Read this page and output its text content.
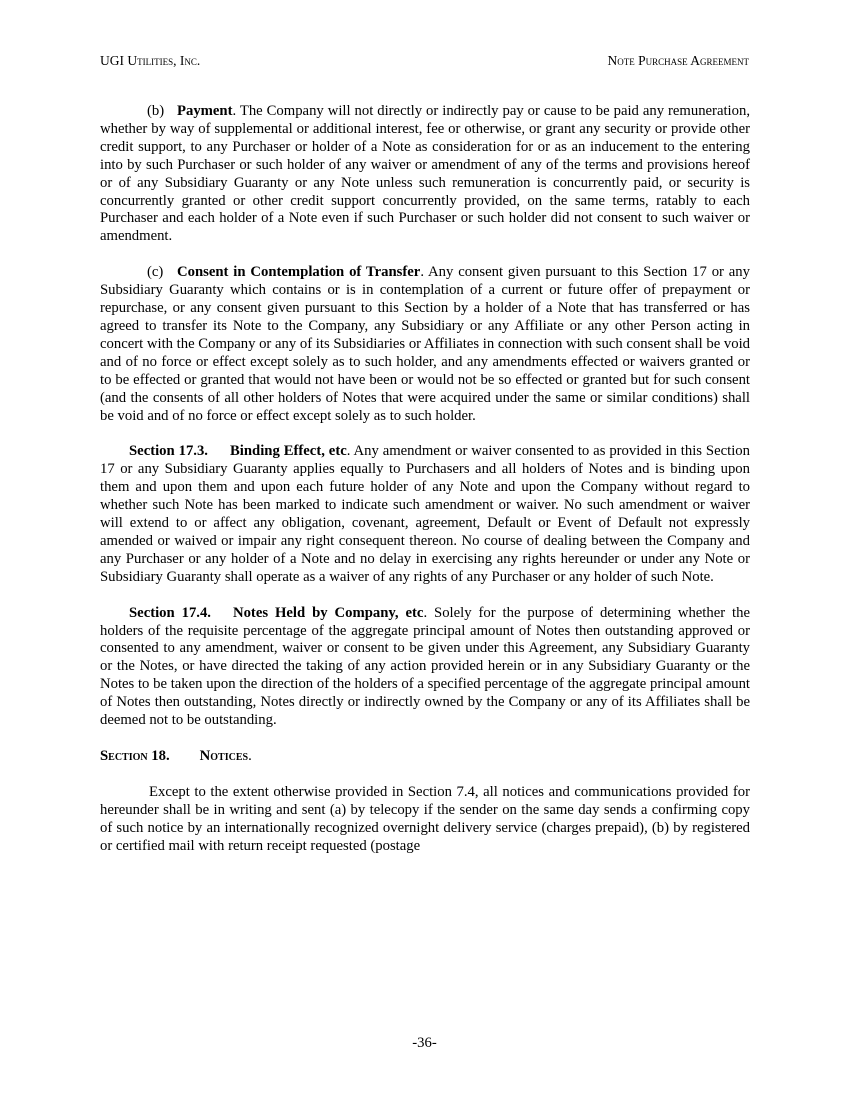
UGI Utilities, Inc.	Note Purchase Agreement

(b) Payment. The Company will not directly or indirectly pay or cause to be paid any remuneration, whether by way of supplemental or additional interest, fee or otherwise, or grant any security or provide other credit support, to any Purchaser or holder of a Note as consideration for or as an inducement to the entering into by such Purchaser or such holder of any waiver or amendment of any of the terms and provisions hereof or of any Subsidiary Guaranty or any Note unless such remuneration is concurrently paid, or security is concurrently granted or other credit support concurrently provided, on the same terms, ratably to each Purchaser and each holder of a Note even if such Purchaser or such holder did not consent to such waiver or amendment.

(c) Consent in Contemplation of Transfer. Any consent given pursuant to this Section 17 or any Subsidiary Guaranty which contains or is in contemplation of a current or future offer of prepayment or repurchase, or any consent given pursuant to this Section by a holder of a Note that has transferred or has agreed to transfer its Note to the Company, any Subsidiary or any Affiliate or any other Person acting in concert with the Company or any of its Subsidiaries or Affiliates in connection with such consent shall be void and of no force or effect except solely as to such holder, and any amendments effected or waivers granted or to be effected or granted that would not have been or would not be so effected or granted but for such consent (and the consents of all other holders of Notes that were acquired under the same or similar conditions) shall be void and of no force or effect except solely as to such holder.

Section 17.3. Binding Effect, etc. Any amendment or waiver consented to as provided in this Section 17 or any Subsidiary Guaranty applies equally to Purchasers and all holders of Notes and is binding upon them and upon them and upon each future holder of any Note and upon the Company without regard to whether such Note has been marked to indicate such amendment or waiver. No such amendment or waiver will extend to or affect any obligation, covenant, agreement, Default or Event of Default not expressly amended or waived or impair any right consequent thereon. No course of dealing between the Company and any Purchaser or any holder of a Note and no delay in exercising any rights hereunder or under any Note or Subsidiary Guaranty shall operate as a waiver of any rights of any Purchaser or any holder of such Note.

Section 17.4. Notes Held by Company, etc. Solely for the purpose of determining whether the holders of the requisite percentage of the aggregate principal amount of Notes then outstanding approved or consented to any amendment, waiver or consent to be given under this Agreement, any Subsidiary Guaranty or the Notes, or have directed the taking of any action provided herein or in any Subsidiary Guaranty or the Notes to be taken upon the direction of the holders of a specified percentage of the aggregate principal amount of Notes then outstanding, Notes directly or indirectly owned by the Company or any of its Affiliates shall be deemed not to be outstanding.

Section 18. Notices.

Except to the extent otherwise provided in Section 7.4, all notices and communications provided for hereunder shall be in writing and sent (a) by telecopy if the sender on the same day sends a confirming copy of such notice by an internationally recognized overnight delivery service (charges prepaid), (b) by registered or certified mail with return receipt requested (postage

-36-
